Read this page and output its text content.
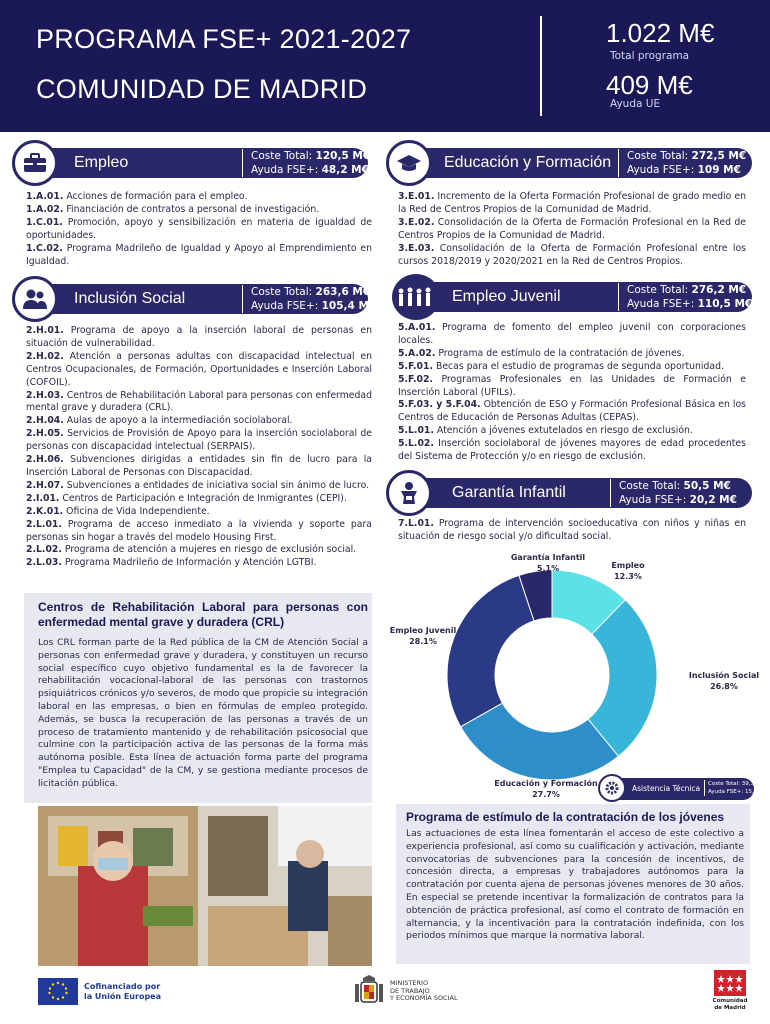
PROGRAMA FSE+ 2021-2027
COMUNIDAD DE MADRID
1.022 M€
Total programa
409 M€
Ayuda UE
Empleo	Coste Total: 120,5 M€
Ayuda FSE+: 48,2 M€

1.A.01. Acciones de formación para el empleo.

1.A.02. Financiación de contratos a personal de investigación.

1.C.01. Promoción, apoyo y sensibilización en materia de igualdad de oportunidades.

1.C.02. Programa Madrileño de Igualdad y Apoyo al Emprendimiento en Igualdad.

Educación y Formación	Coste Total: 272,5 M€
Ayuda FSE+: 109 M€

3.E.01. Incremento de la Oferta Formación Profesional de grado medio en la Red de Centros Propios de la Comunidad de Madrid.

3.E.02. Consolidación de la Oferta de Formación Profesional en la Red de Centros Propios de la Comunidad de Madrid.

3.E.03. Consolidación de la Oferta de Formación Profesional entre los cursos 2018/2019 y 2020/2021 en la Red de Centros Propios.

Inclusión Social	Coste Total: 263,6 M€
Ayuda FSE+: 105,4 M€

2.H.01. Programa de apoyo a la inserción laboral de personas en situación de vulnerabilidad.

2.H.02. Atención a personas adultas con discapacidad intelectual en Centros Ocupacionales, de Formación, Oportunidades e Inserción Laboral (COFOIL).

2.H.03. Centros de Rehabilitación Laboral para personas con enfermedad mental grave y duradera (CRL).

2.H.04. Aulas de apoyo a la intermediación sociolaboral.

2.H.05. Servicios de Provisión de Apoyo para la inserción sociolaboral de personas con discapacidad intelectual (SERPAIS).

2.H.06. Subvenciones dirigidas a entidades sin fin de lucro para la Inserción Laboral de Personas con Discapacidad.

2.H.07. Subvenciones a entidades de iniciativa social sin ánimo de lucro.

2.I.01. Centros de Participación e Integración de Inmigrantes (CEPI).

2.K.01. Oficina de Vida Independiente.

2.L.01. Programa de acceso inmediato a la vivienda y soporte para personas sin hogar a través del modelo Housing First.

2.L.02. Programa de atención a mujeres en riesgo de exclusión social.

2.L.03. Programa Madrileño de Información y Atención LGTBI.

Empleo Juvenil	Coste Total: 276,2 M€
Ayuda FSE+: 110,5 M€

5.A.01. Programa de fomento del empleo juvenil con corporaciones locales.

5.A.02. Programa de estímulo de la contratación de jóvenes.

5.F.01. Becas para el estudio de programas de segunda oportunidad.

5.F.02. Programas Profesionales en las Unidades de Formación e Inserción Laboral (UFILs).

5.F.03. y 5.F.04. Obtención de ESO y Formación Profesional Básica en los Centros de Educación de Personas Adultas (CEPAS).

5.L.01. Atención a jóvenes extutelados en riesgo de exclusión.

5.L.02. Inserción sociolaboral de jóvenes mayores de edad procedentes del Sistema de Protección y/o en riesgo de exclusión.

Garantía Infantil	Coste Total: 50,5 M€
Ayuda FSE+: 20,2 M€

7.L.01. Programa de intervención socioeducativa con niños y niñas en situación de riesgo social y/o dificultad social.

Garantía Infantil
5.1%	Empleo
12.3%
Empleo Juvenil
28.1%
Inclusión Social
26.8%
Educación y Formación
27.7%
Asistencia Técnica	Coste Total: 39,3 M€
Ayuda FSE+: 15,7 M€
Centros de Rehabilitación Laboral para personas con enfermedad mental grave y duradera (CRL)
Los CRL forman parte de la Red pública de la CM de Atención Social a personas con enfermedad grave y duradera, y constituyen un recurso social específico cuyo objetivo fundamental es la de favorecer la rehabilitación vocacional-laboral de las personas con trastornos psiquiátricos crónicos y/o severos, de modo que propicie su integración laboral en las empresas, o bien en fórmulas de empleo protegido. Además, se busca la recuperación de las personas a través de un proceso de tratamiento mantenido y de rehabilitación psicosocial que culmine con la participación activa de las personas de la forma más autónoma posible. Esta línea de actuación forma parte del programa "Emplea tu Capacidad" de la CM, y se gestiona mediante procesos de licitación pública.
Programa de estímulo de la contratación de los jóvenes
Las actuaciones de esta línea fomentarán el acceso de este colectivo a experiencia profesional, así como su cualificación y activación, mediante convocatorias de subvenciones para la concesión de incentivos, de concesión directa, a empresas y trabajadores autónomos para la contratación por cuenta ajena de personas jóvenes menores de 30 años. En especial se pretende incentivar la formalización de contratos para la obtención de práctica profesional, así como el contrato de formación en alternancia, y la incentivación para la contratación indefinida, con los periodos mínimos que marque la normativa laboral.
Cofinanciado por
la Unión Europea
MINISTERIO
DE TRABAJO
Y ECONOMÍA SOCIAL	Comunidad
de Madrid
